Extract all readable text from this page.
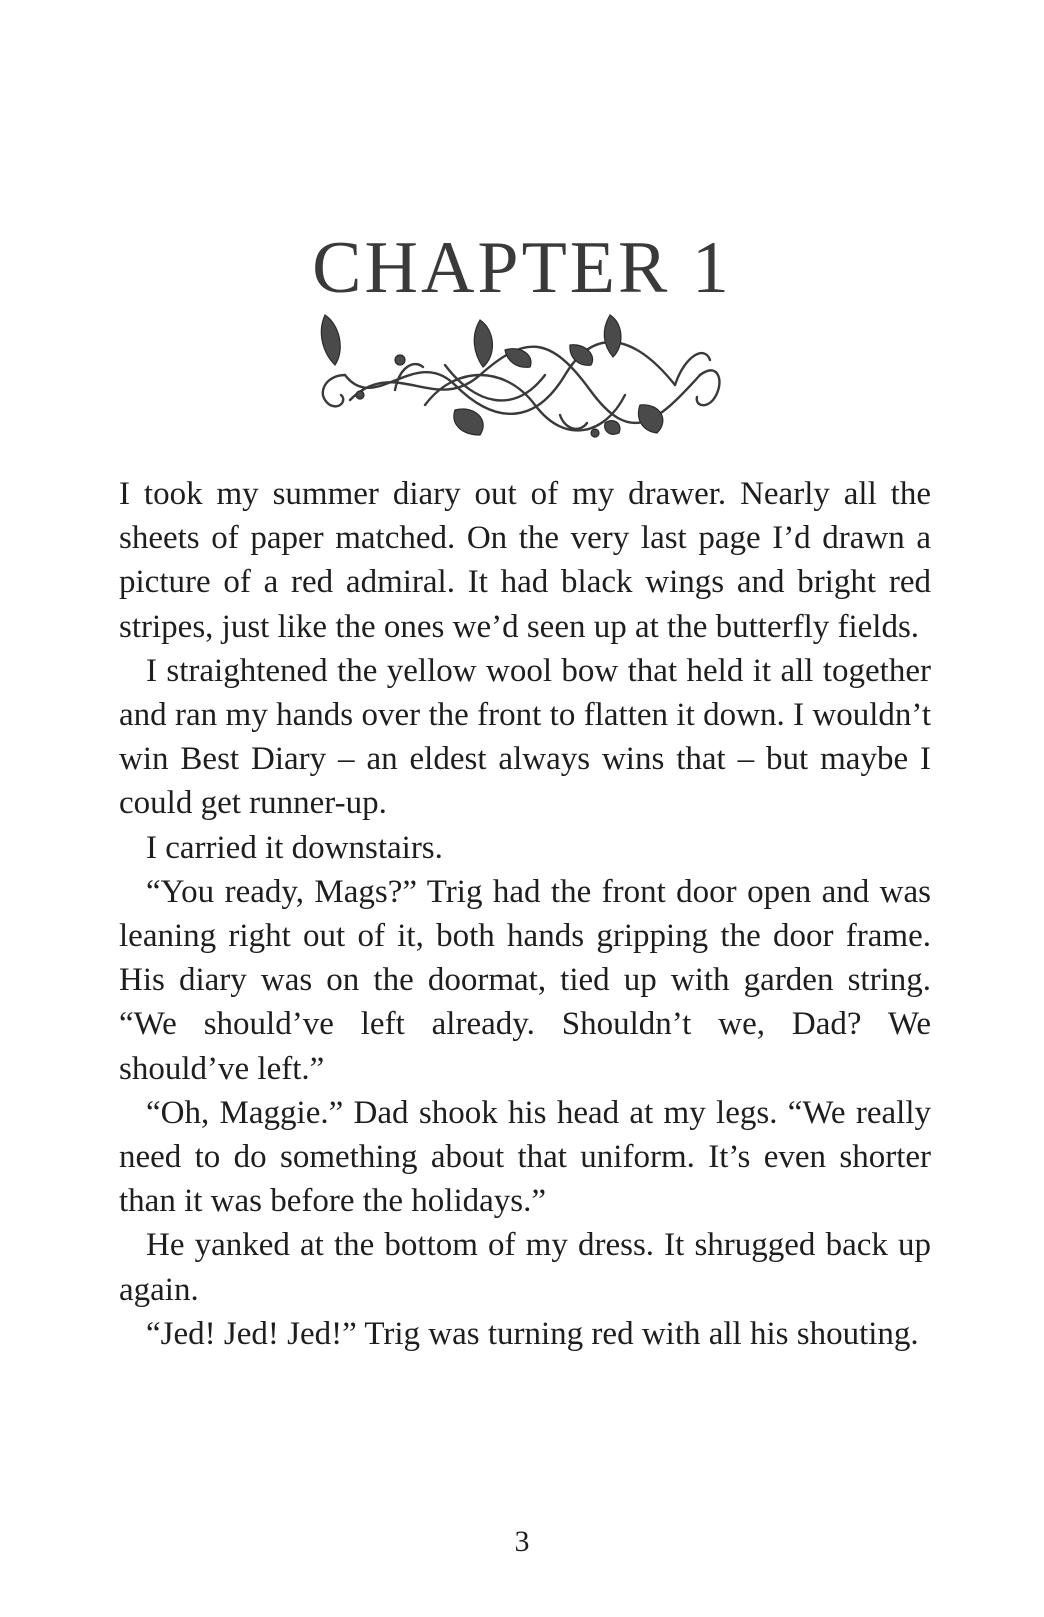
CHAPTER 1

I took my summer diary out of my drawer. Nearly all the sheets of paper matched. On the very last page I’d drawn a picture of a red admiral. It had black wings and bright red stripes, just like the ones we’d seen up at the butterfly fields.

I straightened the yellow wool bow that held it all together and ran my hands over the front to flatten it down. I wouldn’t win Best Diary – an eldest always wins that – but maybe I could get runner-up.

I carried it downstairs.

“You ready, Mags?” Trig had the front door open and was leaning right out of it, both hands gripping the door frame. His diary was on the doormat, tied up with garden string. “We should’ve left already. Shouldn’t we, Dad? We should’ve left.”

“Oh, Maggie.” Dad shook his head at my legs. “We really need to do something about that uniform. It’s even shorter than it was before the holidays.”

He yanked at the bottom of my dress. It shrugged back up again.

“Jed! Jed! Jed!” Trig was turning red with all his shouting.

3
